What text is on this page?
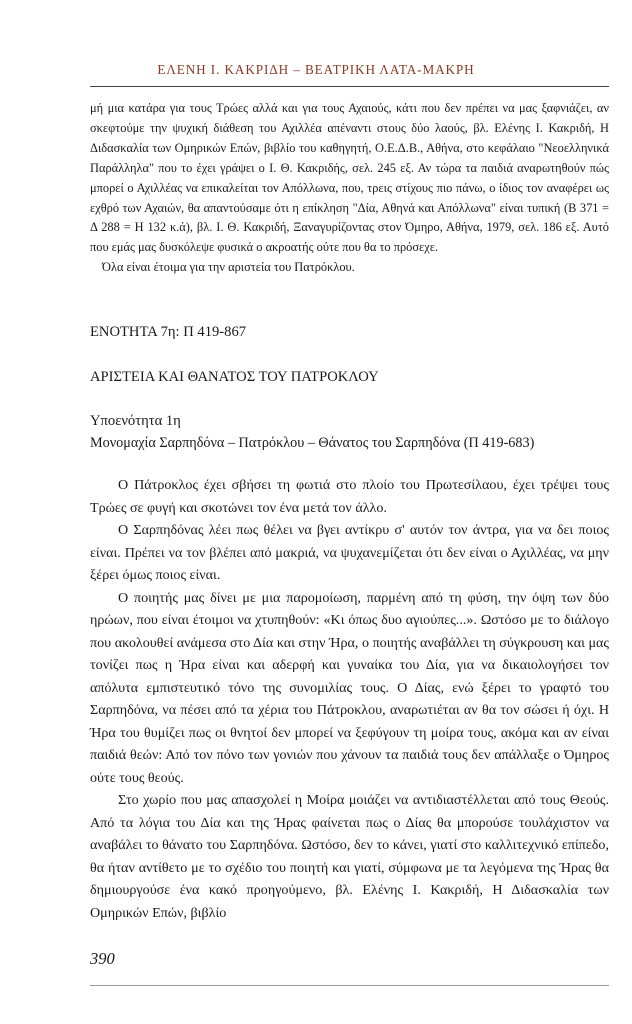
ΕΛΕΝΗ Ι. ΚΑΚΡΙΔΗ – ΒΕΑΤΡΙΚΗ ΛΑΤΑ-ΜΑΚΡΗ

μή μια κατάρα για τους Τρώες αλλά και για τους Αχαιούς, κάτι που δεν πρέπει να μας ξαφνιάζει, αν σκεφτούμε την ψυχική διάθεση του Αχιλλέα απέναντι στους δύο λαούς, βλ. Ελένης Ι. Κακριδή, Η Διδασκαλία των Ομηρικών Επών, βιβλίο του καθηγητή, Ο.Ε.Δ.Β., Αθήνα, στο κεφάλαιο "Νεοελληνικά Παράλληλα" που το έχει γράψει ο Ι. Θ. Κακριδής, σελ. 245 εξ. Αν τώρα τα παιδιά αναρωτηθούν πώς μπορεί ο Αχιλλέας να επικαλείται τον Απόλλωνα, που, τρεις στίχους πιο πάνω, ο ίδιος τον αναφέρει ως εχθρό των Αχαιών, θα απαντούσαμε ότι η επίκληση "Δία, Αθηνά και Απόλλωνα" είναι τυπική (Β 371 = Δ 288 = Η 132 κ.ά), βλ. Ι. Θ. Κακριδή, Ξαναγυρίζοντας στον Όμηρο, Αθήνα, 1979, σελ. 186 εξ. Αυτό που εμάς μας δυσκόλεψε φυσικά ο ακροατής ούτε που θα το πρόσεχε.

Όλα είναι έτοιμα για την αριστεία του Πατρόκλου.

ΕΝΟΤΗΤΑ 7η: Π 419-867
ΑΡΙΣΤΕΙΑ ΚΑΙ ΘΑΝΑΤΟΣ ΤΟΥ ΠΑΤΡΟΚΛΟΥ
Υποενότητα 1η
Μονομαχία Σαρπηδόνα – Πατρόκλου – Θάνατος του Σαρπηδόνα (Π 419-683)

Ο Πάτροκλος έχει σβήσει τη φωτιά στο πλοίο του Πρωτεσίλαου, έχει τρέψει τους Τρώες σε φυγή και σκοτώνει τον ένα μετά τον άλλο.

Ο Σαρπηδόνας λέει πως θέλει να βγει αντίκρυ σ' αυτόν τον άντρα, για να δει ποιος είναι. Πρέπει να τον βλέπει από μακριά, να ψυχανεμίζεται ότι δεν είναι ο Αχιλλέας, να μην ξέρει όμως ποιος είναι.

Ο ποιητής μας δίνει με μια παρομοίωση, παρμένη από τη φύση, την όψη των δύο ηρώων, που είναι έτοιμοι να χτυπηθούν: «Κι όπως δυο αγιούπες...». Ωστόσο με το διάλογο που ακολουθεί ανάμεσα στο Δία και στην Ήρα, ο ποιητής αναβάλλει τη σύγκρουση και μας τονίζει πως η Ήρα είναι και αδερφή και γυναίκα του Δία, για να δικαιολογήσει τον απόλυτα εμπιστευτικό τόνο της συνομιλίας τους. Ο Δίας, ενώ ξέρει το γραφτό του Σαρπηδόνα, να πέσει από τα χέρια του Πάτροκλου, αναρωτιέται αν θα τον σώσει ή όχι. Η Ήρα του θυμίζει πως οι θνητοί δεν μπορεί να ξεφύγουν τη μοίρα τους, ακόμα και αν είναι παιδιά θεών: Από τον πόνο των γονιών που χάνουν τα παιδιά τους δεν απάλλαξε ο Όμηρος ούτε τους θεούς.

Στο χωρίο που μας απασχολεί η Μοίρα μοιάζει να αντιδιαστέλλεται από τους Θεούς. Από τα λόγια του Δία και της Ήρας φαίνεται πως ο Δίας θα μπορούσε τουλάχιστον να αναβάλει το θάνατο του Σαρπηδόνα. Ωστόσο, δεν το κάνει, γιατί στο καλλιτεχνικό επίπεδο, θα ήταν αντίθετο με το σχέδιο του ποιητή και γιατί, σύμφωνα με τα λεγόμενα της Ήρας θα δημιουργούσε ένα κακό προηγούμενο, βλ. Ελένης Ι. Κακριδή, Η Διδασκαλία των Ομηρικών Επών, βιβλίο

390
